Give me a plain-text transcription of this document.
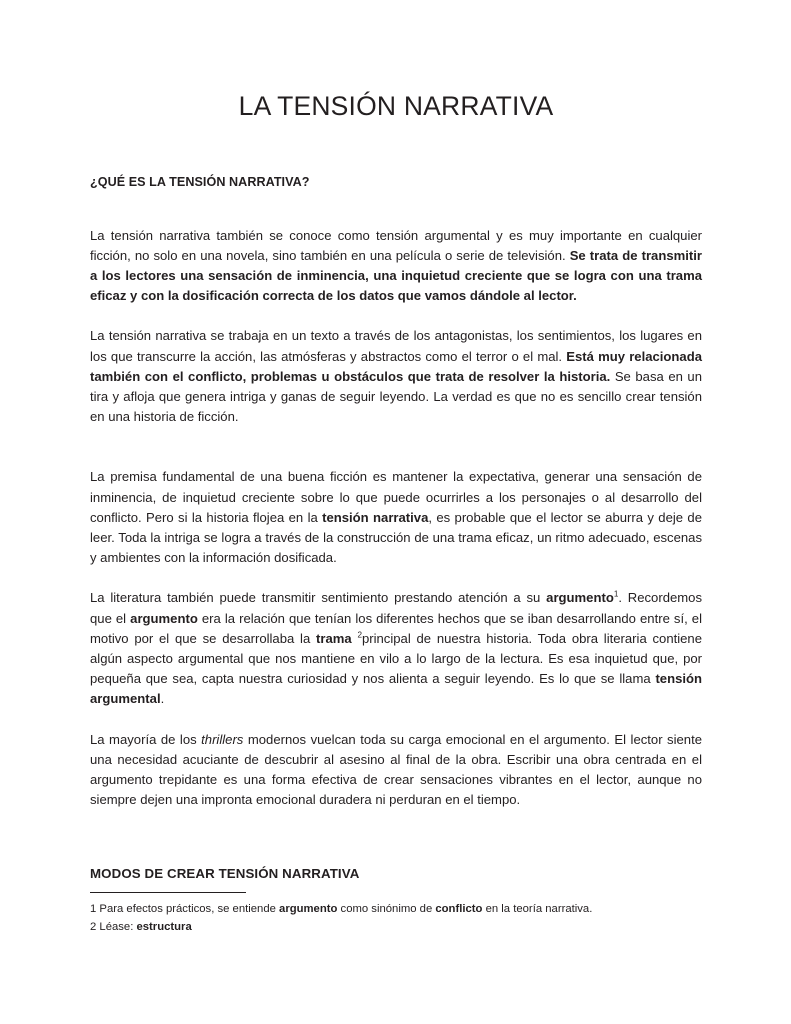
LA TENSIÓN NARRATIVA
¿QUÉ ES LA TENSIÓN NARRATIVA?

La tensión narrativa también se conoce como tensión argumental y es muy importante en cualquier ficción, no solo en una novela, sino también en una película o serie de televisión. Se trata de transmitir a los lectores una sensación de inminencia, una inquietud creciente que se logra con una trama eficaz y con la dosificación correcta de los datos que vamos dándole al lector.

La tensión narrativa se trabaja en un texto a través de los antagonistas, los sentimientos, los lugares en los que transcurre la acción, las atmósferas y abstractos como el terror o el mal. Está muy relacionada también con el conflicto, problemas u obstáculos que trata de resolver la historia. Se basa en un tira y afloja que genera intriga y ganas de seguir leyendo. La verdad es que no es sencillo crear tensión en una historia de ficción.

La premisa fundamental de una buena ficción es mantener la expectativa, generar una sensación de inminencia, de inquietud creciente sobre lo que puede ocurrirles a los personajes o al desarrollo del conflicto. Pero si la historia flojea en la tensión narrativa, es probable que el lector se aburra y deje de leer. Toda la intriga se logra a través de la construcción de una trama eficaz, un ritmo adecuado, escenas y ambientes con la información dosificada.

La literatura también puede transmitir sentimiento prestando atención a su argumento$^1$. Recordemos que el argumento era la relación que tenían los diferentes hechos que se iban desarrollando entre sí, el motivo por el que se desarrollaba la trama $^2$principal de nuestra historia. Toda obra literaria contiene algún aspecto argumental que nos mantiene en vilo a lo largo de la lectura. Es esa inquietud que, por pequeña que sea, capta nuestra curiosidad y nos alienta a seguir leyendo. Es lo que se llama tensión argumental.

La mayoría de los thrillers modernos vuelcan toda su carga emocional en el argumento. El lector siente una necesidad acuciante de descubrir al asesino al final de la obra. Escribir una obra centrada en el argumento trepidante es una forma efectiva de crear sensaciones vibrantes en el lector, aunque no siempre dejen una impronta emocional duradera ni perduran en el tiempo.

MODOS DE CREAR TENSIÓN NARRATIVA

1 Para efectos prácticos, se entiende argumento como sinónimo de conflicto en la teoría narrativa.

2 Léase: estructura
